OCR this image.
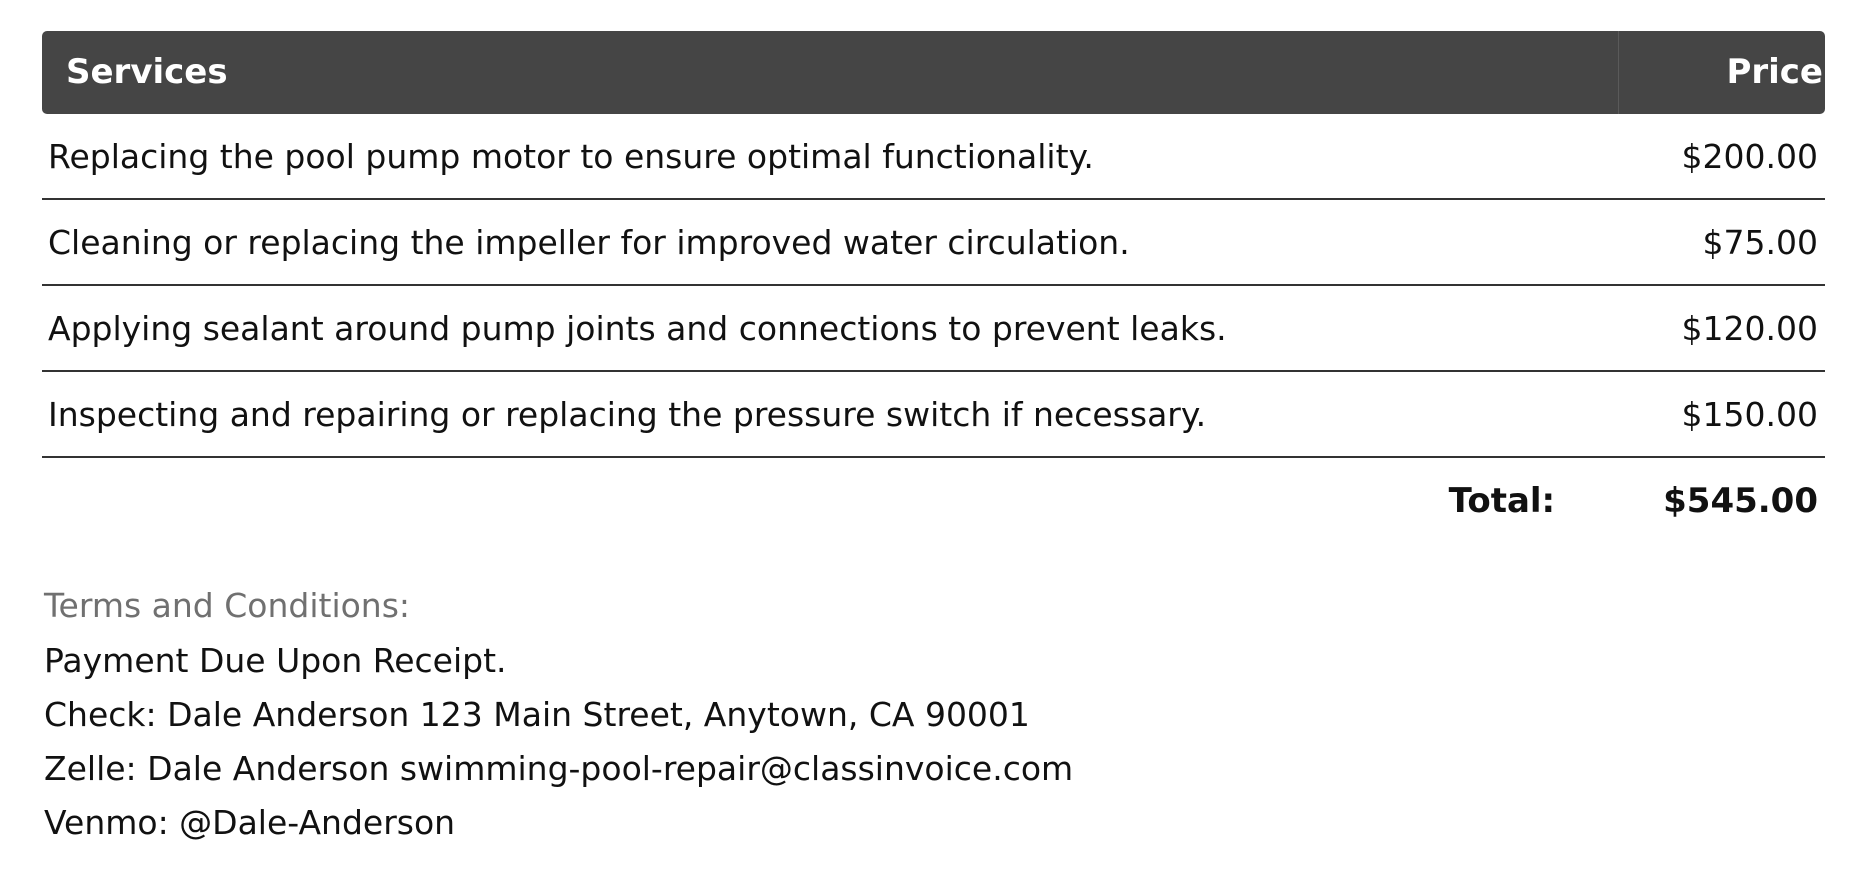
Services	Price
Replacing the pool pump motor to ensure optimal functionality.	$200.00
Cleaning or replacing the impeller for improved water circulation.	$75.00
Applying sealant around pump joints and connections to prevent leaks.	$120.00
Inspecting and repairing or replacing the pressure switch if necessary.	$150.00
Total:	$545.00
Terms and Conditions:
Payment Due Upon Receipt.
Check: Dale Anderson 123 Main Street, Anytown, CA 90001
Zelle: Dale Anderson swimming-pool-repair@classinvoice.com
Venmo: @Dale-Anderson
